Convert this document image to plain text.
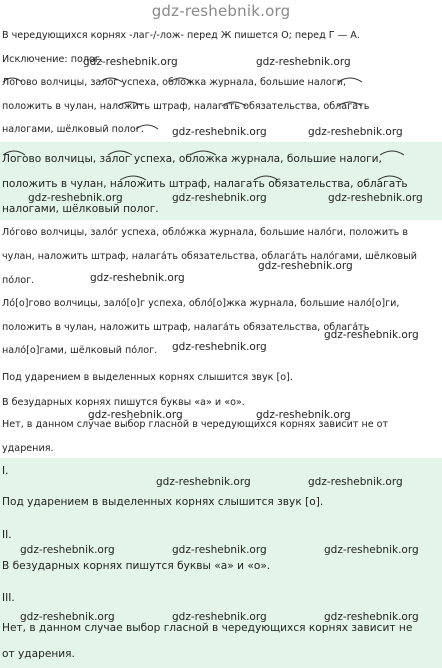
gdz-reshebnik.org
В чередующихся корнях -лаг-/-лож- перед Ж пишется О; перед Г — А.
Исключение: полог.
Логово волчицы, залог успеха, обложка журнала, большие налоги,
положить в чулан, наложить штраф, налагать обязательства, облагать
налогами, шёлковый полог.
Логово волчицы, залог успеха, обложка журнала, большие налоги,
положить в чулан, наложить штраф, налагать обязательства, облагать
налогами, шёлковый полог.
Ло́гово волчицы, зало́г успеха, обло́жка журнала, большие нало́ги, положить в
чулан, наложить штраф, налага́ть обязательства, облага́ть нало́гами, шёлковый
по́лог.
Ло́[о]гово волчицы, зало́[о]г успеха, обло́[о]жка журнала, большие нало́[о]ги,
положить в чулан, наложить штраф, налага́ть обязательства, облага́ть
нало́[о]гами, шёлковый по́лог.
Под ударением в выделенных корнях слышится звук [о].
В безударных корнях пишутся буквы «а» и «о».
Нет, в данном случае выбор гласной в чередующихся корнях зависит не от
ударения.
I.
Под ударением в выделенных корнях слышится звук [о].
II.
В безударных корнях пишутся буквы «а» и «о».
III.
Нет, в данном случае выбор гласной в чередующихся корнях зависит не
от ударения.
gdz-reshebnik.org	gdz-reshebnik.org
gdz-reshebnik.org	gdz-reshebnik.org
gdz-reshebnik.org	gdz-reshebnik.org	gdz-reshebnik.org
gdz-reshebnik.org
gdz-reshebnik.org
gdz-reshebnik.org
gdz-reshebnik.org
gdz-reshebnik.org	gdz-reshebnik.org
gdz-reshebnik.org	gdz-reshebnik.org
gdz-reshebnik.org	gdz-reshebnik.org	gdz-reshebnik.org
gdz-reshebnik.org	gdz-reshebnik.org	gdz-reshebnik.org
